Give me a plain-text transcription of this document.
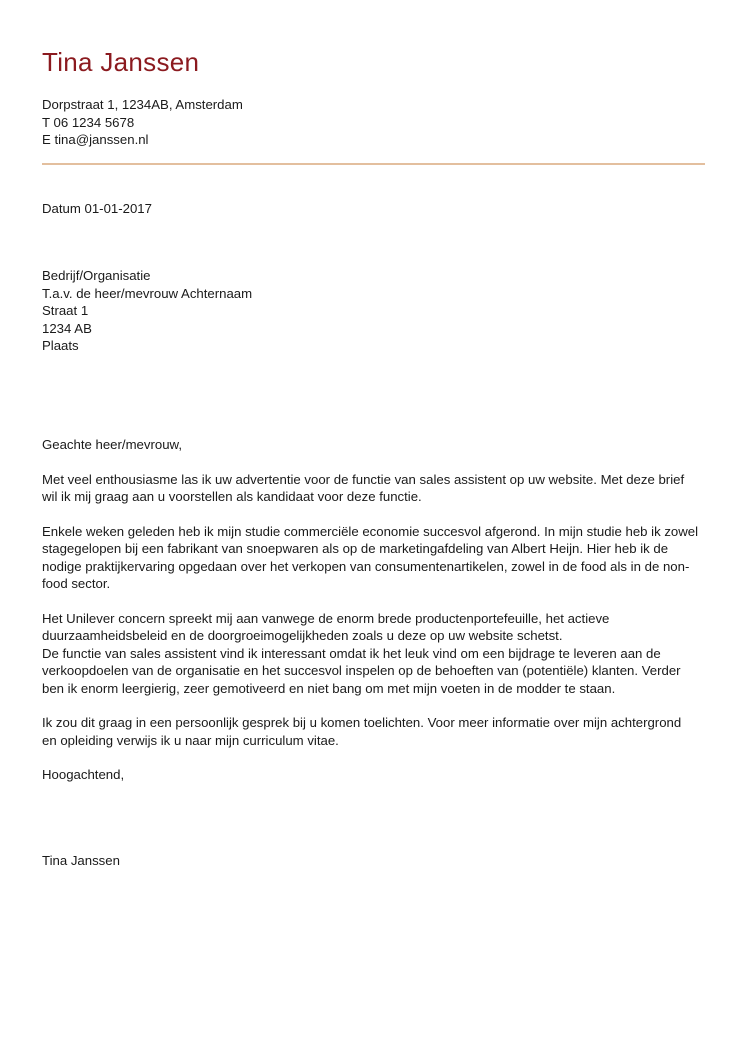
Tina Janssen
Dorpstraat 1, 1234AB, Amsterdam
T 06 1234 5678
E tina@janssen.nl
Datum 01-01-2017
Bedrijf/Organisatie
T.a.v. de heer/mevrouw Achternaam
Straat 1
1234 AB
Plaats
Geachte heer/mevrouw,
Met veel enthousiasme las ik uw advertentie voor de functie van sales assistent op uw website. Met deze brief
wil ik mij graag aan u voorstellen als kandidaat voor deze functie.
Enkele weken geleden heb ik mijn studie commerciële economie succesvol afgerond. In mijn studie heb ik zowel
stagegelopen bij een fabrikant van snoepwaren als op de marketingafdeling van Albert Heijn. Hier heb ik de
nodige praktijkervaring opgedaan over het verkopen van consumentenartikelen, zowel in de food als in de non-
food sector.
Het Unilever concern spreekt mij aan vanwege de enorm brede productenportefeuille, het actieve
duurzaamheidsbeleid en de doorgroeimogelijkheden zoals u deze op uw website schetst.
De functie van sales assistent vind ik interessant omdat ik het leuk vind om een bijdrage te leveren aan de
verkoopdoelen van de organisatie en het succesvol inspelen op de behoeften van (potentiële) klanten. Verder
ben ik enorm leergierig, zeer gemotiveerd en niet bang om met mijn voeten in de modder te staan.
Ik zou dit graag in een persoonlijk gesprek bij u komen toelichten. Voor meer informatie over mijn achtergrond
en opleiding verwijs ik u naar mijn curriculum vitae.
Hoogachtend,
Tina Janssen
